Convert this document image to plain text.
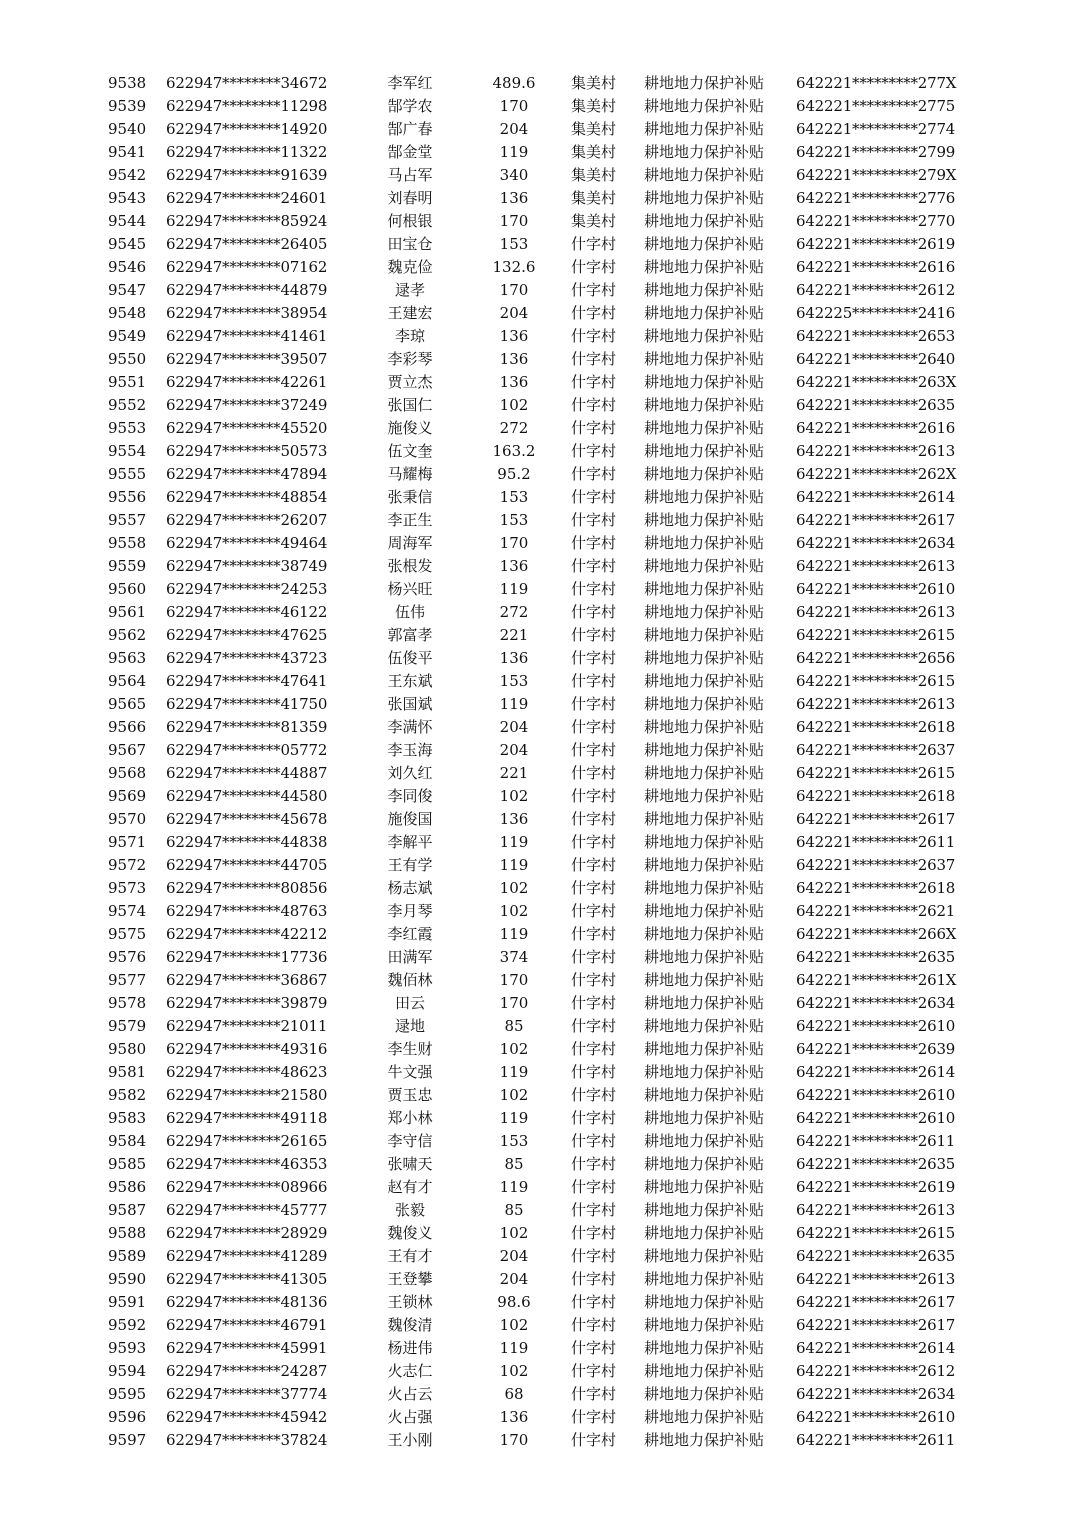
9538 622947********34672	李军红	489.6	集美村 耕地地力保护补贴 642221*********277X
9539 622947********11298	郜学农	170	集美村 耕地地力保护补贴 642221*********2775
9540 622947********14920	郜广春	204	集美村 耕地地力保护补贴 642221*********2774
9541 622947********11322	郜金堂	119	集美村 耕地地力保护补贴 642221*********2799
9542 622947********91639	马占军	340	集美村 耕地地力保护补贴 642221*********279X
9543 622947********24601	刘春明	136	集美村 耕地地力保护补贴 642221*********2776
9544 622947********85924	何根银	170	集美村 耕地地力保护补贴 642221*********2770
9545 622947********26405	田宝仓	153	什字村 耕地地力保护补贴 642221*********2619
9546 622947********07162	魏克俭	132.6	什字村 耕地地力保护补贴 642221*********2616
9547 622947********44879	逯孝	170	什字村 耕地地力保护补贴 642221*********2612
9548 622947********38954	王建宏	204	什字村 耕地地力保护补贴 642225*********2416
9549 622947********41461	李琼	136	什字村 耕地地力保护补贴 642221*********2653
9550 622947********39507	李彩琴	136	什字村 耕地地力保护补贴 642221*********2640
9551 622947********42261	贾立杰	136	什字村 耕地地力保护补贴 642221*********263X
9552 622947********37249	张国仁	102	什字村 耕地地力保护补贴 642221*********2635
9553 622947********45520	施俊义	272	什字村 耕地地力保护补贴 642221*********2616
9554 622947********50573	伍文奎	163.2	什字村 耕地地力保护补贴 642221*********2613
9555 622947********47894	马耀梅	95.2	什字村 耕地地力保护补贴 642221*********262X
9556 622947********48854	张秉信	153	什字村 耕地地力保护补贴 642221*********2614
9557 622947********26207	李正生	153	什字村 耕地地力保护补贴 642221*********2617
9558 622947********49464	周海军	170	什字村 耕地地力保护补贴 642221*********2634
9559 622947********38749	张根发	136	什字村 耕地地力保护补贴 642221*********2613
9560 622947********24253	杨兴旺	119	什字村 耕地地力保护补贴 642221*********2610
9561 622947********46122	伍伟	272	什字村 耕地地力保护补贴 642221*********2613
9562 622947********47625	郭富孝	221	什字村 耕地地力保护补贴 642221*********2615
9563 622947********43723	伍俊平	136	什字村 耕地地力保护补贴 642221*********2656
9564 622947********47641	王东斌	153	什字村 耕地地力保护补贴 642221*********2615
9565 622947********41750	张国斌	119	什字村 耕地地力保护补贴 642221*********2613
9566 622947********81359	李满怀	204	什字村 耕地地力保护补贴 642221*********2618
9567 622947********05772	李玉海	204	什字村 耕地地力保护补贴 642221*********2637
9568 622947********44887	刘久红	221	什字村 耕地地力保护补贴 642221*********2615
9569 622947********44580	李同俊	102	什字村 耕地地力保护补贴 642221*********2618
9570 622947********45678	施俊国	136	什字村 耕地地力保护补贴 642221*********2617
9571 622947********44838	李解平	119	什字村 耕地地力保护补贴 642221*********2611
9572 622947********44705	王有学	119	什字村 耕地地力保护补贴 642221*********2637
9573 622947********80856	杨志斌	102	什字村 耕地地力保护补贴 642221*********2618
9574 622947********48763	李月琴	102	什字村 耕地地力保护补贴 642221*********2621
9575 622947********42212	李红霞	119	什字村 耕地地力保护补贴 642221*********266X
9576 622947********17736	田满军	374	什字村 耕地地力保护补贴 642221*********2635
9577 622947********36867	魏佰林	170	什字村 耕地地力保护补贴 642221*********261X
9578 622947********39879	田云	170	什字村 耕地地力保护补贴 642221*********2634
9579 622947********21011	逯地	85	什字村 耕地地力保护补贴 642221*********2610
9580 622947********49316	李生财	102	什字村 耕地地力保护补贴 642221*********2639
9581 622947********48623	牛文强	119	什字村 耕地地力保护补贴 642221*********2614
9582 622947********21580	贾玉忠	102	什字村 耕地地力保护补贴 642221*********2610
9583 622947********49118	郑小林	119	什字村 耕地地力保护补贴 642221*********2610
9584 622947********26165	李守信	153	什字村 耕地地力保护补贴 642221*********2611
9585 622947********46353	张啸天	85	什字村 耕地地力保护补贴 642221*********2635
9586 622947********08966	赵有才	119	什字村 耕地地力保护补贴 642221*********2619
9587 622947********45777	张毅	85	什字村 耕地地力保护补贴 642221*********2613
9588 622947********28929	魏俊义	102	什字村 耕地地力保护补贴 642221*********2615
9589 622947********41289	王有才	204	什字村 耕地地力保护补贴 642221*********2635
9590 622947********41305	王登攀	204	什字村 耕地地力保护补贴 642221*********2613
9591 622947********48136	王锁林	98.6	什字村 耕地地力保护补贴 642221*********2617
9592 622947********46791	魏俊清	102	什字村 耕地地力保护补贴 642221*********2617
9593 622947********45991	杨进伟	119	什字村 耕地地力保护补贴 642221*********2614
9594 622947********24287	火志仁	102	什字村 耕地地力保护补贴 642221*********2612
9595 622947********37774	火占云	68	什字村 耕地地力保护补贴 642221*********2634
9596 622947********45942	火占强	136	什字村 耕地地力保护补贴 642221*********2610
9597 622947********37824	王小刚	170	什字村 耕地地力保护补贴 642221*********2611
